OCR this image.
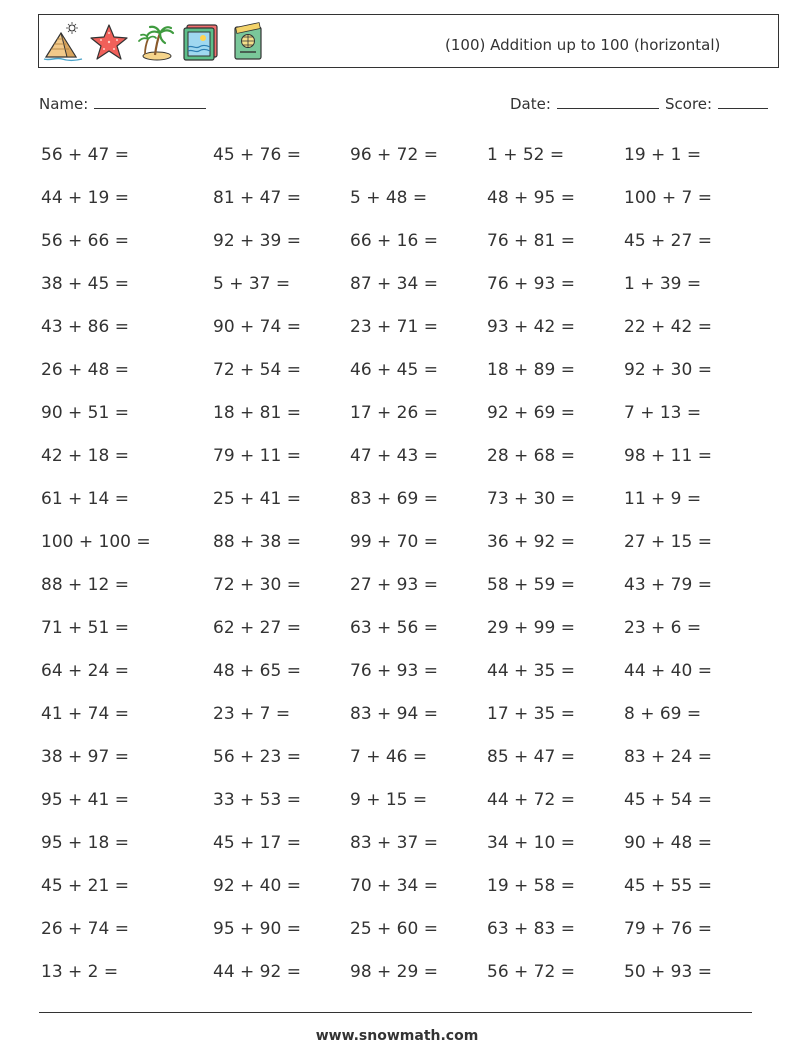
(100) Addition up to 100 (horizontal)
Name:	Date:	Score:
56 + 47 =	45 + 76 =	96 + 72 =	1 + 52 =	19 + 1 =
44 + 19 =	81 + 47 =	5 + 48 =	48 + 95 =	100 + 7 =
56 + 66 =	92 + 39 =	66 + 16 =	76 + 81 =	45 + 27 =
38 + 45 =	5 + 37 =	87 + 34 =	76 + 93 =	1 + 39 =
43 + 86 =	90 + 74 =	23 + 71 =	93 + 42 =	22 + 42 =
26 + 48 =	72 + 54 =	46 + 45 =	18 + 89 =	92 + 30 =
90 + 51 =	18 + 81 =	17 + 26 =	92 + 69 =	7 + 13 =
42 + 18 =	79 + 11 =	47 + 43 =	28 + 68 =	98 + 11 =
61 + 14 =	25 + 41 =	83 + 69 =	73 + 30 =	11 + 9 =
100 + 100 =	88 + 38 =	99 + 70 =	36 + 92 =	27 + 15 =
88 + 12 =	72 + 30 =	27 + 93 =	58 + 59 =	43 + 79 =
71 + 51 =	62 + 27 =	63 + 56 =	29 + 99 =	23 + 6 =
64 + 24 =	48 + 65 =	76 + 93 =	44 + 35 =	44 + 40 =
41 + 74 =	23 + 7 =	83 + 94 =	17 + 35 =	8 + 69 =
38 + 97 =	56 + 23 =	7 + 46 =	85 + 47 =	83 + 24 =
95 + 41 =	33 + 53 =	9 + 15 =	44 + 72 =	45 + 54 =
95 + 18 =	45 + 17 =	83 + 37 =	34 + 10 =	90 + 48 =
45 + 21 =	92 + 40 =	70 + 34 =	19 + 58 =	45 + 55 =
26 + 74 =	95 + 90 =	25 + 60 =	63 + 83 =	79 + 76 =
13 + 2 =	44 + 92 =	98 + 29 =	56 + 72 =	50 + 93 =
www.snowmath.com
